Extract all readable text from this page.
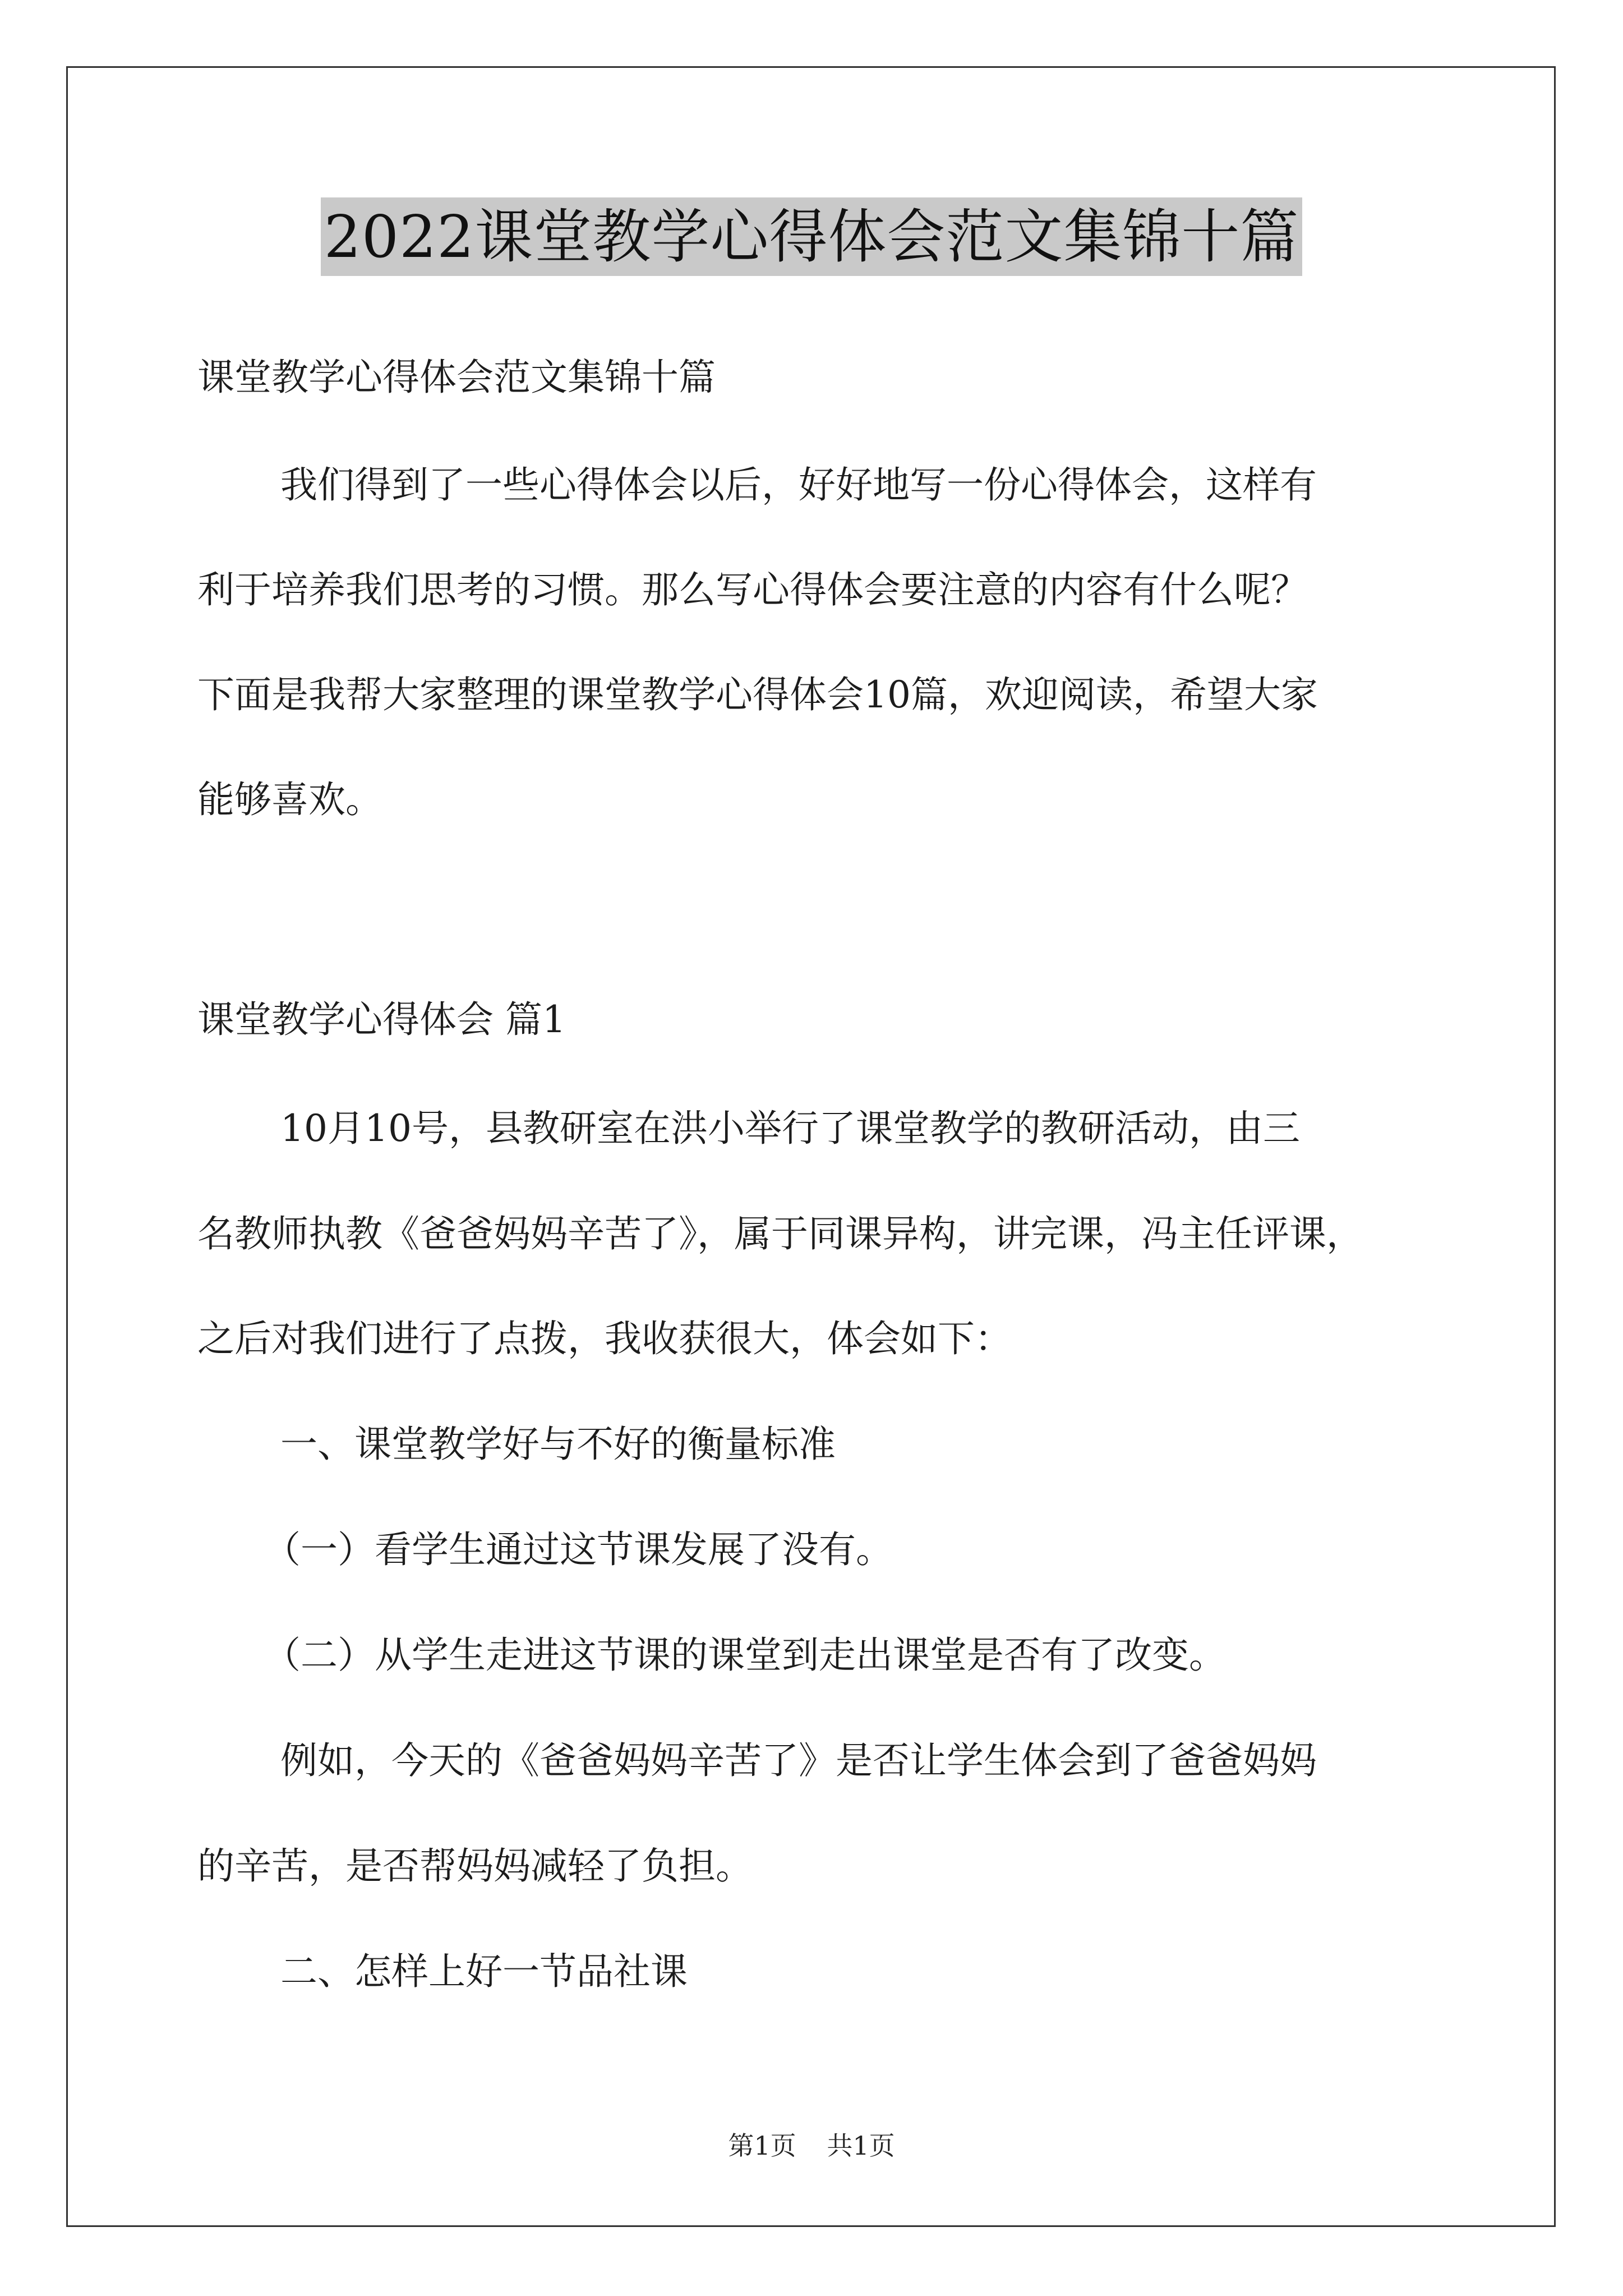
2022课堂教学心得体会范文集锦十篇
课堂教学心得体会范文集锦十篇
我们得到了一些心得体会以后，好好地写一份心得体会，这样有
利于培养我们思考的习惯。那么写心得体会要注意的内容有什么呢？
下面是我帮大家整理的课堂教学心得体会10篇，欢迎阅读，希望大家
能够喜欢。
课堂教学心得体会 篇1
10月10号，县教研室在洪小举行了课堂教学的教研活动，由三
名教师执教《爸爸妈妈辛苦了》，属于同课异构，讲完课，冯主任评课，
之后对我们进行了点拨，我收获很大，体会如下：
一、课堂教学好与不好的衡量标准
（一）看学生通过这节课发展了没有。
（二）从学生走进这节课的课堂到走出课堂是否有了改变。
例如，今天的《爸爸妈妈辛苦了》是否让学生体会到了爸爸妈妈
的辛苦，是否帮妈妈减轻了负担。
二、怎样上好一节品社课
第1页 共1页
